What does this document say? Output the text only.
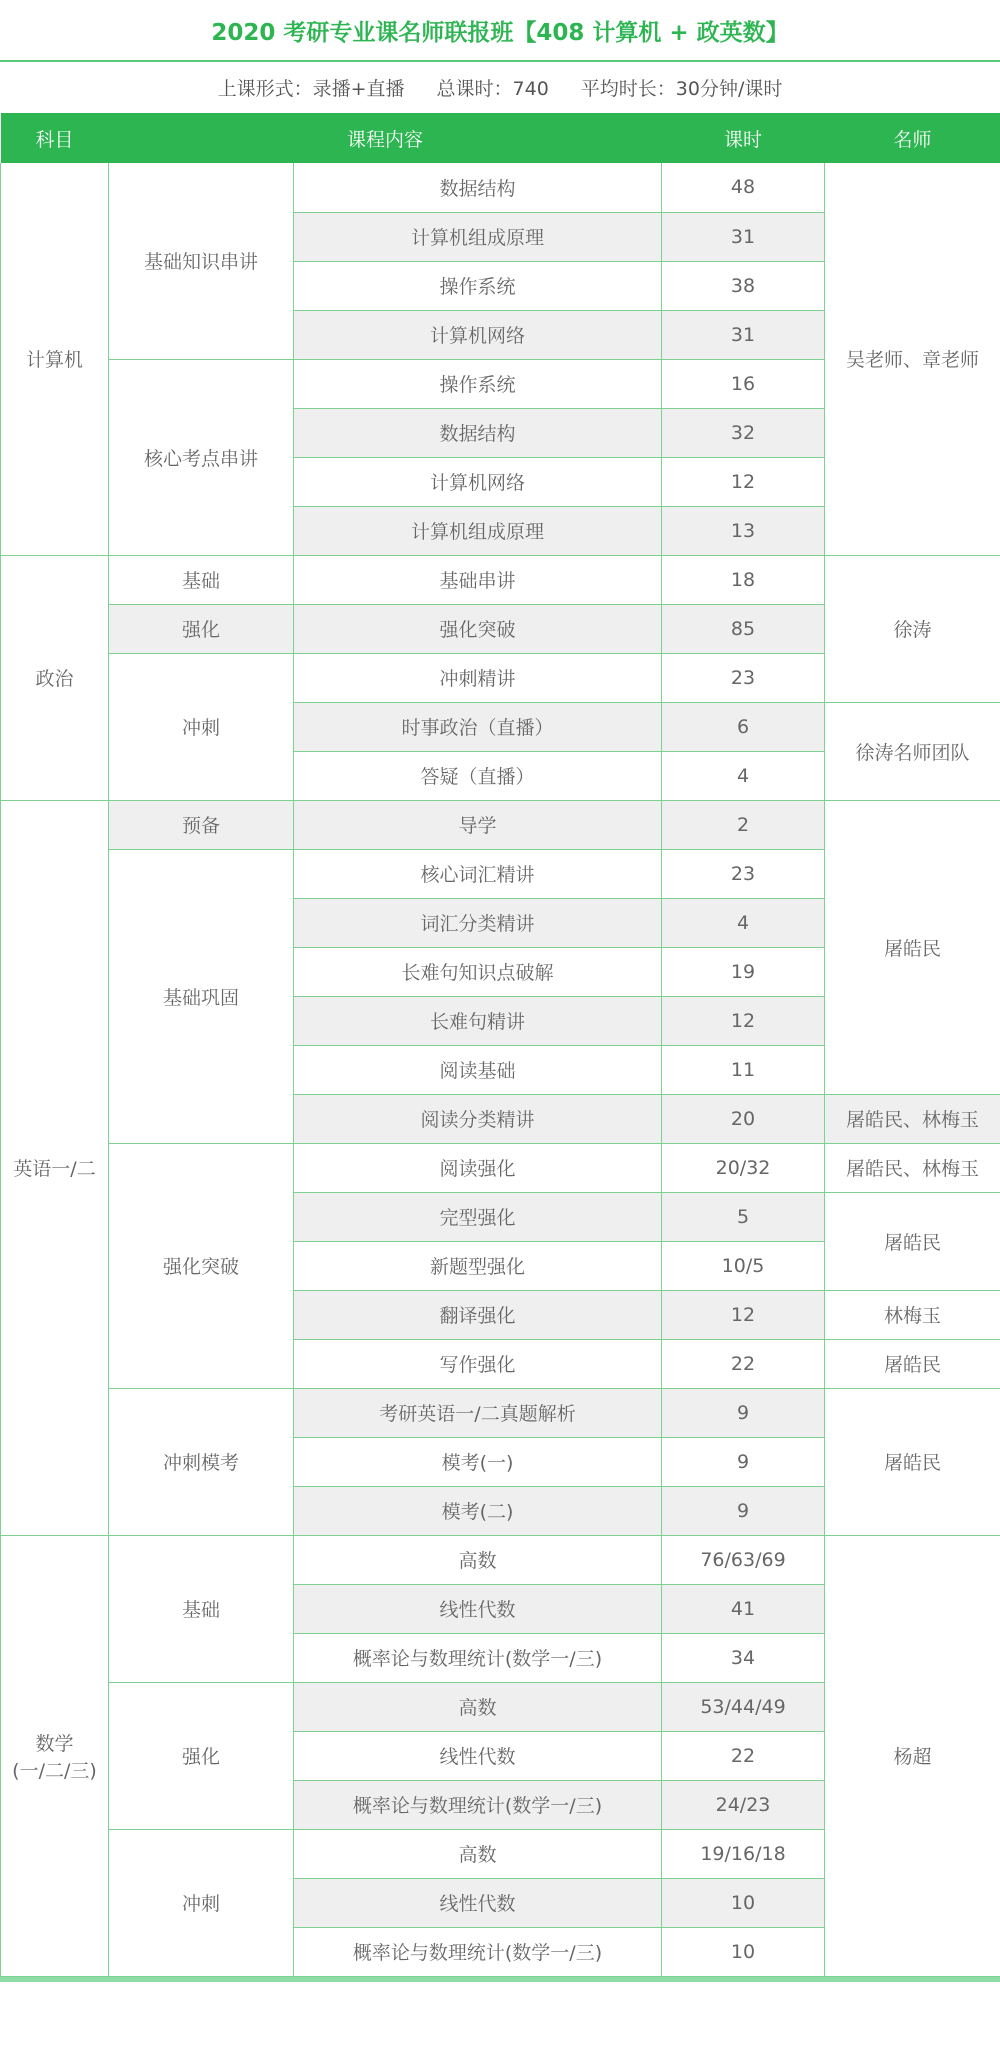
2020 考研专业课名师联报班【408 计算机 + 政英数】
上课形式：录播+直播 总课时：740 平均时长：30分钟/课时
科目	课程内容		课时	名师
计算机	基础知识串讲	数据结构	48	吴老师、章老师
		计算机组成原理	31	
		操作系统	38	
		计算机网络	31	
	核心考点串讲	操作系统	16	
		数据结构	32	
		计算机网络	12	
		计算机组成原理	13	
政治	基础	基础串讲	18	徐涛
	强化	强化突破	85	
	冲刺	冲刺精讲	23	
		时事政治（直播）	6	徐涛名师团队
		答疑（直播）	4	
英语一/二	预备	导学	2	屠皓民
	基础巩固	核心词汇精讲	23	
		词汇分类精讲	4	
		长难句知识点破解	19	
		长难句精讲	12	
		阅读基础	11	
		阅读分类精讲	20	屠皓民、林梅玉
	强化突破	阅读强化	20/32	屠皓民、林梅玉
		完型强化	5	屠皓民
		新题型强化	10/5	
		翻译强化	12	林梅玉
		写作强化	22	屠皓民
	冲刺模考	考研英语一/二真题解析	9	屠皓民
		模考(一)	9	
		模考(二)	9	
数学
(一/二/三)	基础	高数	76/63/69	杨超
		线性代数	41	
		概率论与数理统计(数学一/三)	34	
	强化	高数	53/44/49	
		线性代数	22	
		概率论与数理统计(数学一/三)	24/23	
	冲刺	高数	19/16/18	
		线性代数	10	
		概率论与数理统计(数学一/三)	10	
